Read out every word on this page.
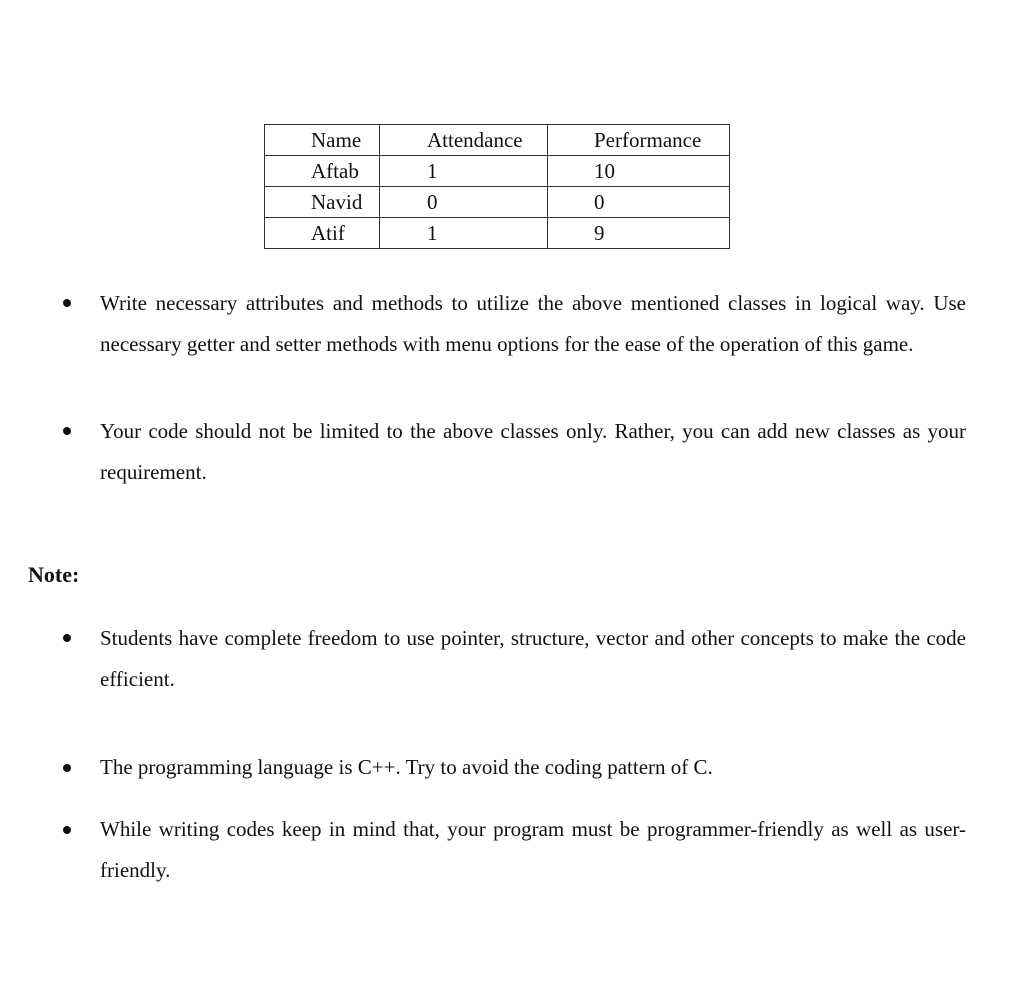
Name	Attendance	Performance
Aftab	1	10
Navid	0	0
Atif	1	9
Write necessary attributes and methods to utilize the above mentioned classes in logical way. Use necessary getter and setter methods with menu options for the ease of the operation of this game.
Your code should not be limited to the above classes only. Rather, you can add new classes as your requirement.
Note:
Students have complete freedom to use pointer, structure, vector and other concepts to make the code efficient.
The programming language is C++. Try to avoid the coding pattern of C.
While writing codes keep in mind that, your program must be programmer-friendly as well as user-friendly.
